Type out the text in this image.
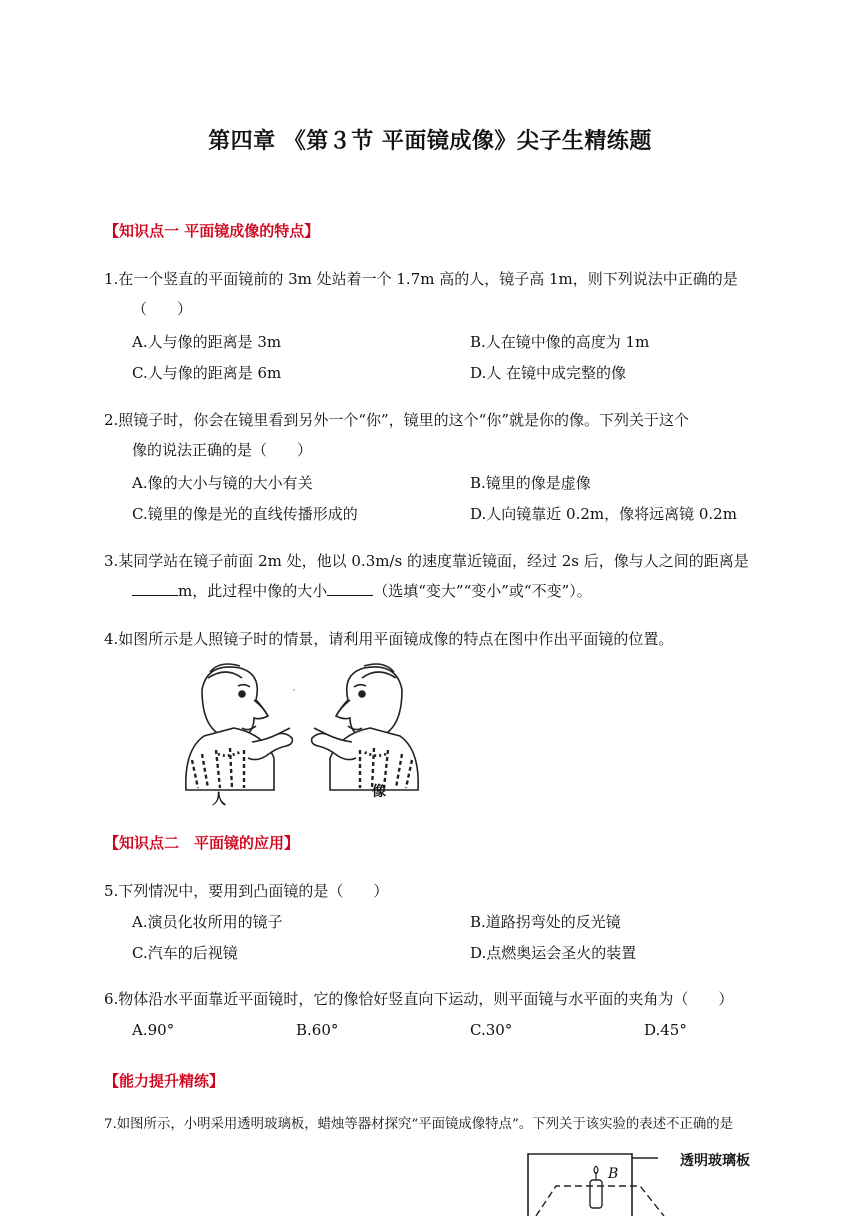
第四章 《第３节 平面镜成像》尖子生精练题
【知识点一 平面镜成像的特点】
1.在一个竖直的平面镜前的 3m 处站着一个 1.7m 高的人，镜子高 1m，则下列说法中正确的是
（　　）
A.人与像的距离是 3m	B.人在镜中像的高度为 1m
C.人与像的距离是 6m	D.人 在镜中成完整的像
2.照镜子时，你会在镜里看到另外一个“你”，镜里的这个“你”就是你的像。下列关于这个
像的说法正确的是（　　）
A.像的大小与镜的大小有关	B.镜里的像是虚像
C.镜里的像是光的直线传播形成的	D.人向镜靠近 0.2m，像将远离镜 0.2m
3.某同学站在镜子前面 2m 处，他以 0.3m/s 的速度靠近镜面，经过 2s 后，像与人之间的距离是
m，此过程中像的大小	（选填“变大”“变小”或“不变”）。
4.如图所示是人照镜子时的情景，请利用平面镜成像的特点在图中作出平面镜的位置。
人	像
【知识点二　平面镜的应用】
5.下列情况中，要用到凸面镜的是（　　）
A.演员化妆所用的镜子	B.道路拐弯处的反光镜
C.汽车的后视镜	D.点燃奥运会圣火的装置
6.物体沿水平面靠近平面镜时，它的像恰好竖直向下运动，则平面镜与水平面的夹角为（　　）
A.90°	B.60°	C.30°	D.45°
【能力提升精练】
7.如图所示，小明采用透明玻璃板，蜡烛等器材探究“平面镜成像特点”。下列关于该实验的表述不正确的是
B
透明玻璃板
